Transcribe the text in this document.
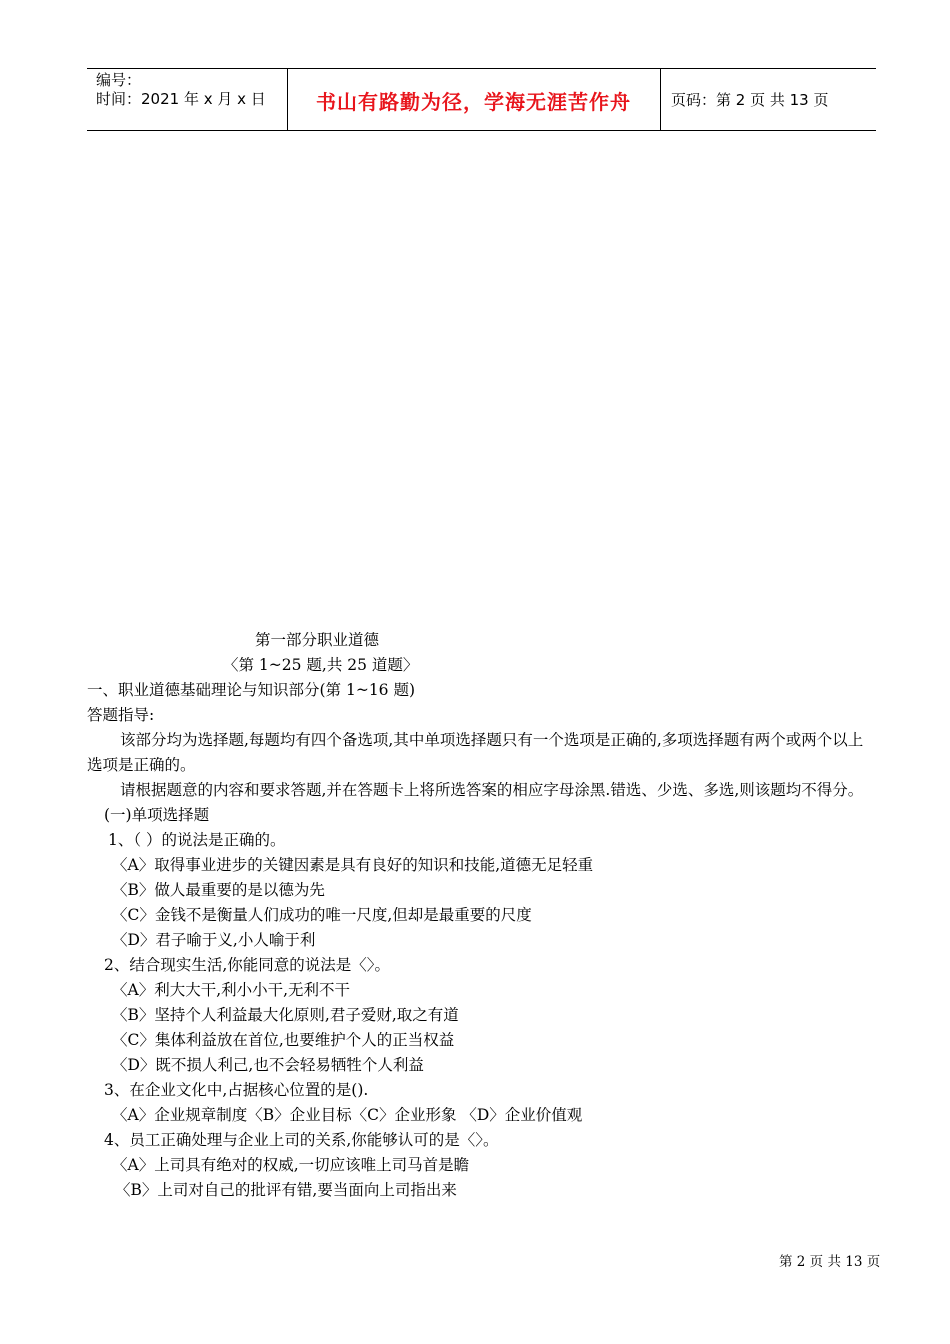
编号：
时间：2021 年 x 月 x 日	书山有路勤为径，学海无涯苦作舟	页码：第 2 页 共 13 页
第一部分职业道德
〈第 1~25 题,共 25 道题〉
一、职业道德基础理论与知识部分(第 1~16 题)
答题指导:
该部分均为选择题,每题均有四个备选项,其中单项选择题只有一个选项是正确的,多项选择题有两个或两个以上选项是正确的。
请根据题意的内容和要求答题,并在答题卡上将所选答案的相应字母涂黑.错选、少选、多选,则该题均不得分。
(一)单项选择题
1、（ ）的说法是正确的。
〈A〉取得事业进步的关键因素是具有良好的知识和技能,道德无足轻重
〈B〉做人最重要的是以德为先
〈C〉金钱不是衡量人们成功的唯一尺度,但却是最重要的尺度
〈D〉君子喻于义,小人喻于利
2、结合现实生活,你能同意的说法是〈〉。
〈A〉利大大干,利小小干,无利不干
〈B〉坚持个人利益最大化原则,君子爱财,取之有道
〈C〉集体利益放在首位,也要维护个人的正当权益
〈D〉既不损人利己,也不会轻易牺牲个人利益
3、在企业文化中,占据核心位置的是().
〈A〉企业规章制度〈B〉企业目标〈C〉企业形象 〈D〉企业价值观
4、员工正确处理与企业上司的关系,你能够认可的是〈〉。
〈A〉上司具有绝对的权威,一切应该唯上司马首是瞻
〈B〉上司对自己的批评有错,要当面向上司指出来
第 2 页 共 13 页
